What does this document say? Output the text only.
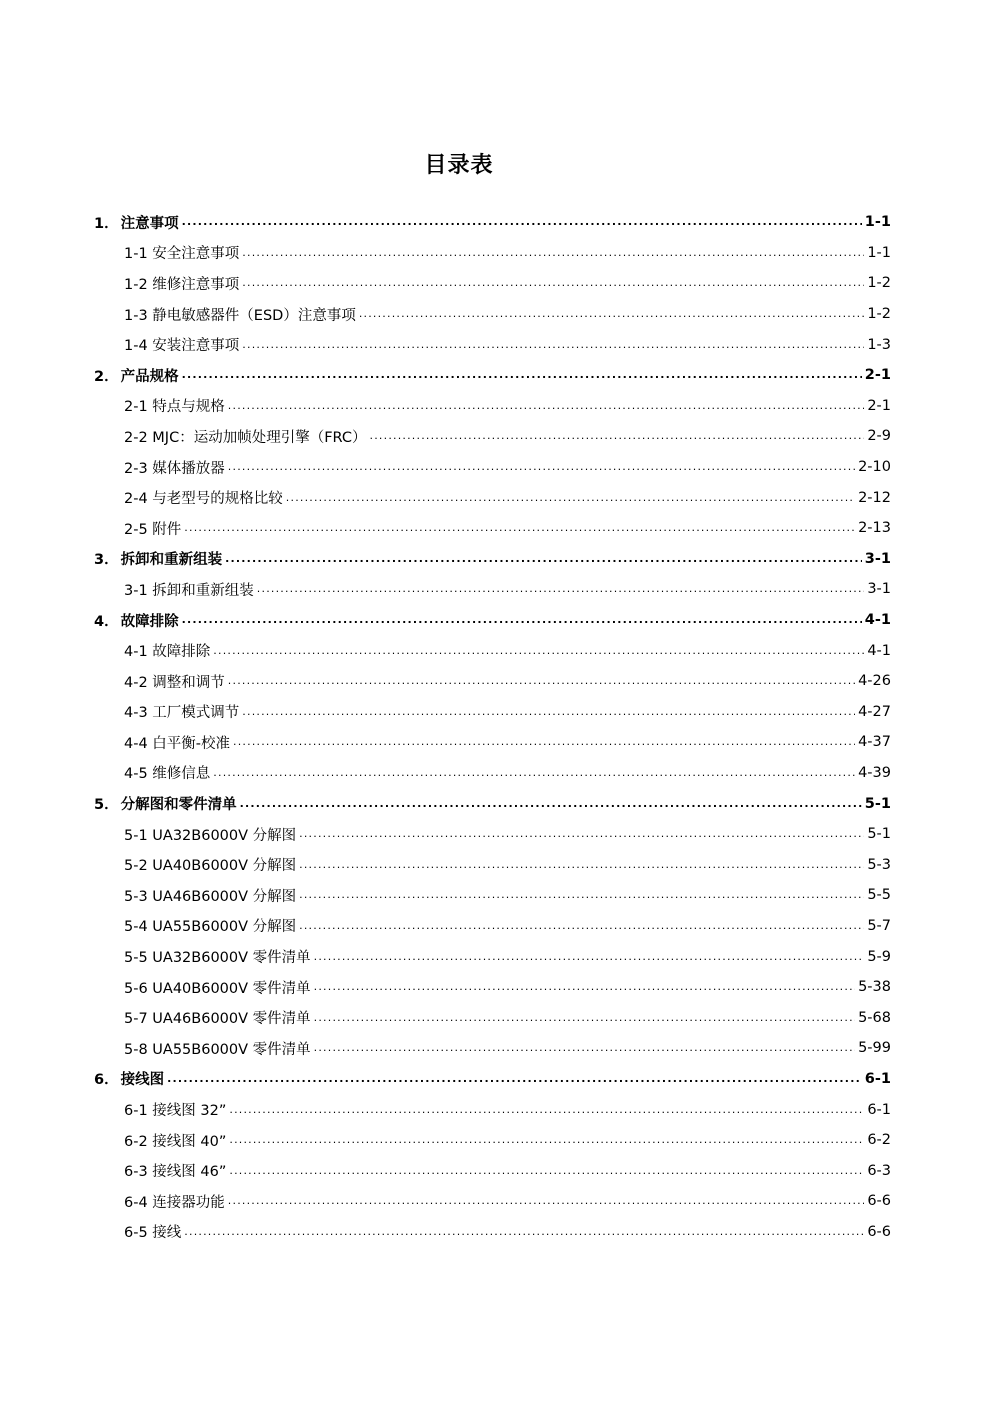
目录表
1． 注意事项 .....	1-1
1-1 安全注意事项 .....	1-1
1-2 维修注意事项 .....	1-2
1-3 静电敏感器件（ESD）注意事项 .....	1-2
1-4 安装注意事项 .....	1-3
2． 产品规格 .....	2-1
2-1 特点与规格 .....	2-1
2-2 MJC：运动加帧处理引擎（FRC） .....	2-9
2-3 媒体播放器 .....	2-10
2-4 与老型号的规格比较 .....	2-12
2-5 附件 .....	2-13
3． 拆卸和重新组装 .....	3-1
3-1 拆卸和重新组装 .....	3-1
4． 故障排除 .....	4-1
4-1 故障排除 .....	4-1
4-2 调整和调节 .....	4-26
4-3 工厂模式调节 .....	4-27
4-4 白平衡-校准 .....	4-37
4-5 维修信息 .....	4-39
5． 分解图和零件清单 .....	5-1
5-1 UA32B6000V 分解图 .....	5-1
5-2 UA40B6000V 分解图 .....	5-3
5-3 UA46B6000V 分解图 .....	5-5
5-4 UA55B6000V 分解图 .....	5-7
5-5 UA32B6000V 零件清单 .....	5-9
5-6 UA40B6000V 零件清单 .....	5-38
5-7 UA46B6000V 零件清单 .....	5-68
5-8 UA55B6000V 零件清单 .....	5-99
6． 接线图 .....	6-1
6-1 接线图 32” .....	6-1
6-2 接线图 40” .....	6-2
6-3 接线图 46” .....	6-3
6-4 连接器功能 .....	6-6
6-5 接线 .....	6-6
